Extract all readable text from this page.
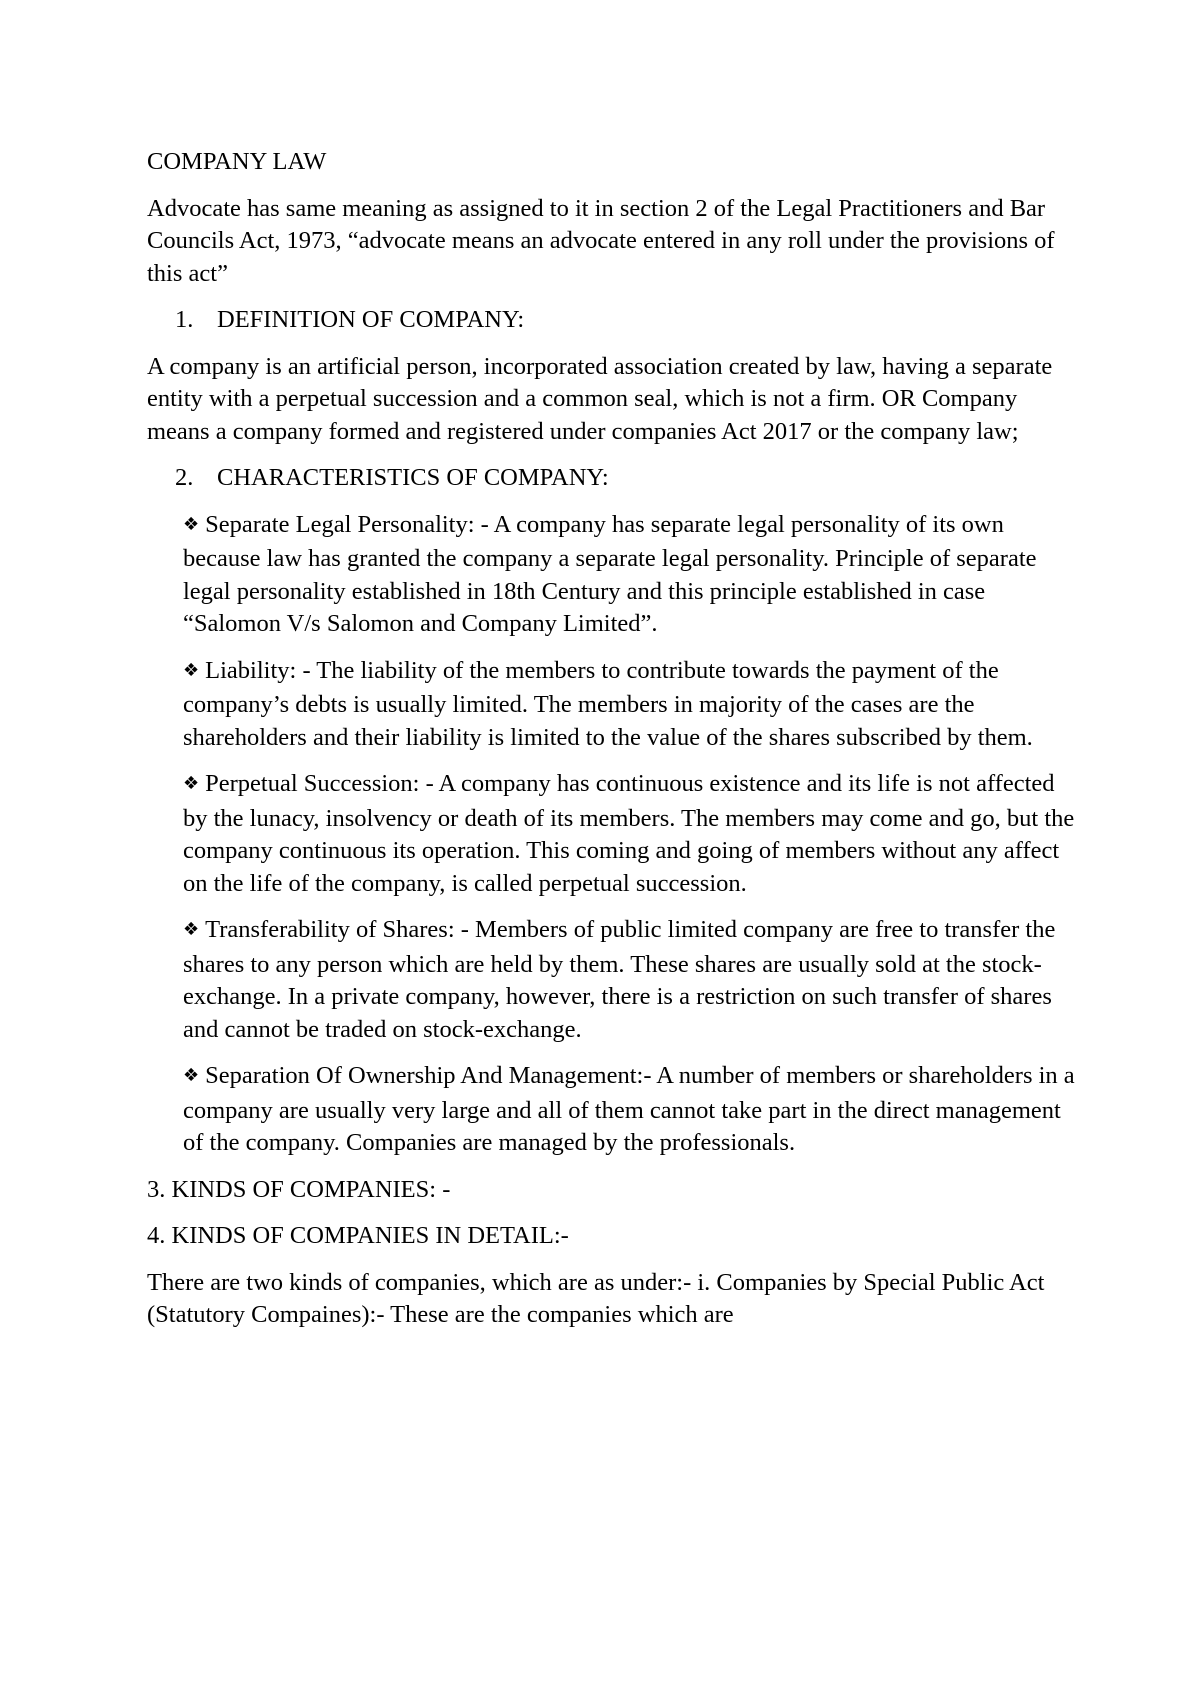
COMPANY LAW

Advocate has same meaning as assigned to it in section 2 of the Legal Practitioners and Bar Councils Act, 1973, “advocate means an advocate entered in any roll under the provisions of this act”

1. DEFINITION OF COMPANY:

A company is an artificial person, incorporated association created by law, having a separate entity with a perpetual succession and a common seal, which is not a firm. OR Company means a company formed and registered under companies Act 2017 or the company law;

2. CHARACTERISTICS OF COMPANY:

❖ Separate Legal Personality: - A company has separate legal personality of its own because law has granted the company a separate legal personality. Principle of separate legal personality established in 18th Century and this principle established in case “Salomon V/s Salomon and Company Limited”.

❖ Liability: - The liability of the members to contribute towards the payment of the company’s debts is usually limited. The members in majority of the cases are the shareholders and their liability is limited to the value of the shares subscribed by them.

❖ Perpetual Succession: - A company has continuous existence and its life is not affected by the lunacy, insolvency or death of its members. The members may come and go, but the company continuous its operation. This coming and going of members without any affect on the life of the company, is called perpetual succession.

❖ Transferability of Shares: - Members of public limited company are free to transfer the shares to any person which are held by them. These shares are usually sold at the stock-exchange. In a private company, however, there is a restriction on such transfer of shares and cannot be traded on stock-exchange.

❖ Separation Of Ownership And Management:- A number of members or shareholders in a company are usually very large and all of them cannot take part in the direct management of the company. Companies are managed by the professionals.

3. KINDS OF COMPANIES: -

4. KINDS OF COMPANIES IN DETAIL:-

There are two kinds of companies, which are as under:- i. Companies by Special Public Act (Statutory Compaines):- These are the companies which are
